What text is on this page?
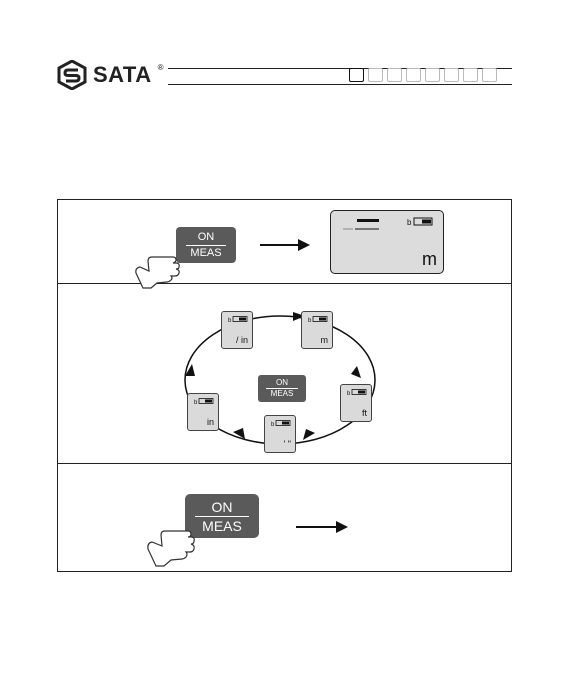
SATA ®
ON
MEAS
b
m
b
/ in
b
m
b
ft
b
' "
b
in
ON
MEAS
ON
MEAS
